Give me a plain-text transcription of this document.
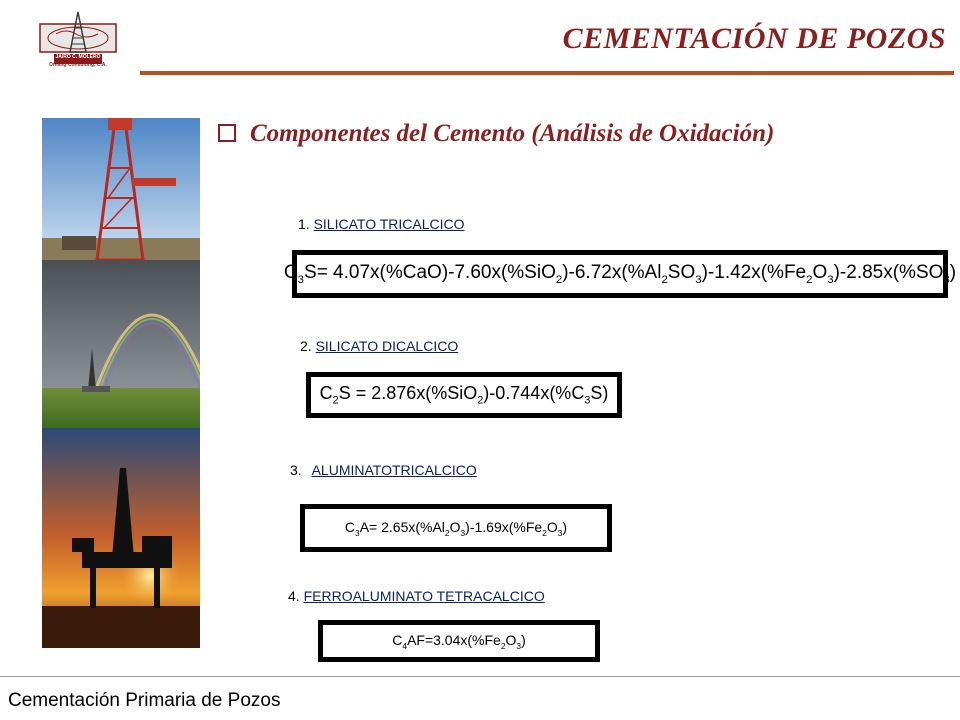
JAIRO C. MOLERO
Drilling Consulting, C.A.
CEMENTACIÓN DE POZOS
Componentes del Cemento (Análisis de Oxidación)
1. SILICATO TRICALCICO
$C_3S= 4.07x(\%CaO)-7.60x(\%SiO_2)-6.72x(\%Al_2SO_3)-1.42x(\%Fe_2O_3)-2.85x(\%SO_3)$
2. SILICATO DICALCICO
$C_2S = 2.876x(\%SiO_2)-0.744x(\%C_3S)$
3. ALUMINATOTRICALCICO
$C_3A= 2.65x(\%Al_2O_3)-1.69x(\%Fe_2O_3)$
4. FERROALUMINATO TETRACALCICO
$C_4AF=3.04x(\%Fe_2O_3)$
Cementación Primaria de Pozos
